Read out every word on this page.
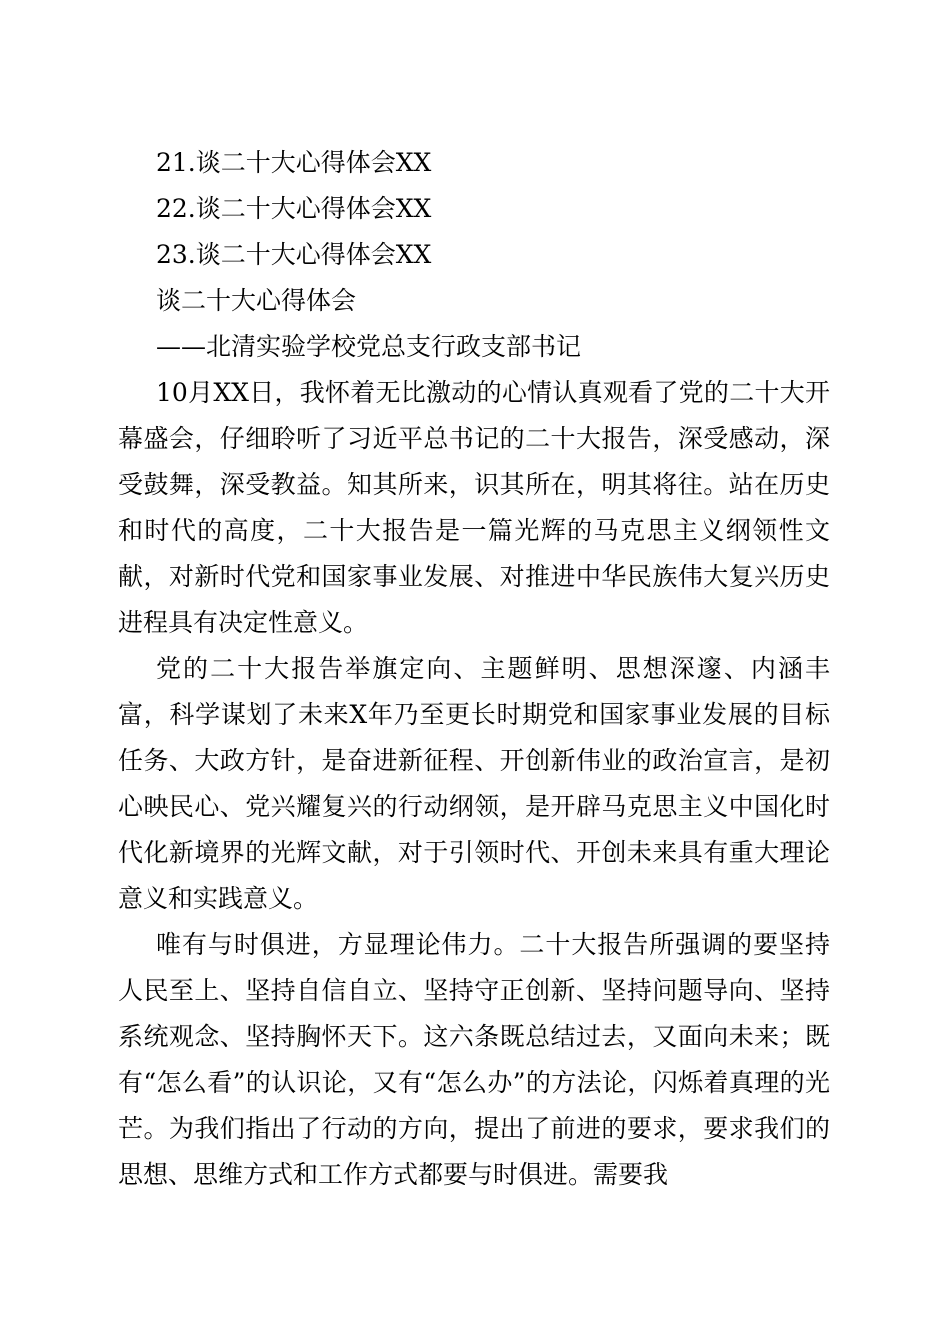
21.谈二十大心得体会XX

22.谈二十大心得体会XX

23.谈二十大心得体会XX

谈二十大心得体会

——北清实验学校党总支行政支部书记

10月XX日，我怀着无比激动的心情认真观看了党的二十大开幕盛会，仔细聆听了习近平总书记的二十大报告，深受感动，深受鼓舞，深受教益。知其所来，识其所在，明其将往。站在历史和时代的高度，二十大报告是一篇光辉的马克思主义纲领性文献，对新时代党和国家事业发展、对推进中华民族伟大复兴历史进程具有决定性意义。

党的二十大报告举旗定向、主题鲜明、思想深邃、内涵丰富，科学谋划了未来X年乃至更长时期党和国家事业发展的目标任务、大政方针，是奋进新征程、开创新伟业的政治宣言，是初心映民心、党兴耀复兴的行动纲领，是开辟马克思主义中国化时代化新境界的光辉文献，对于引领时代、开创未来具有重大理论意义和实践意义。

唯有与时俱进，方显理论伟力。二十大报告所强调的要坚持人民至上、坚持自信自立、坚持守正创新、坚持问题导向、坚持系统观念、坚持胸怀天下。这六条既总结过去，又面向未来；既有“怎么看”的认识论，又有“怎么办”的方法论，闪烁着真理的光芒。为我们指出了行动的方向，提出了前进的要求，要求我们的思想、思维方式和工作方式都要与时俱进。需要我
